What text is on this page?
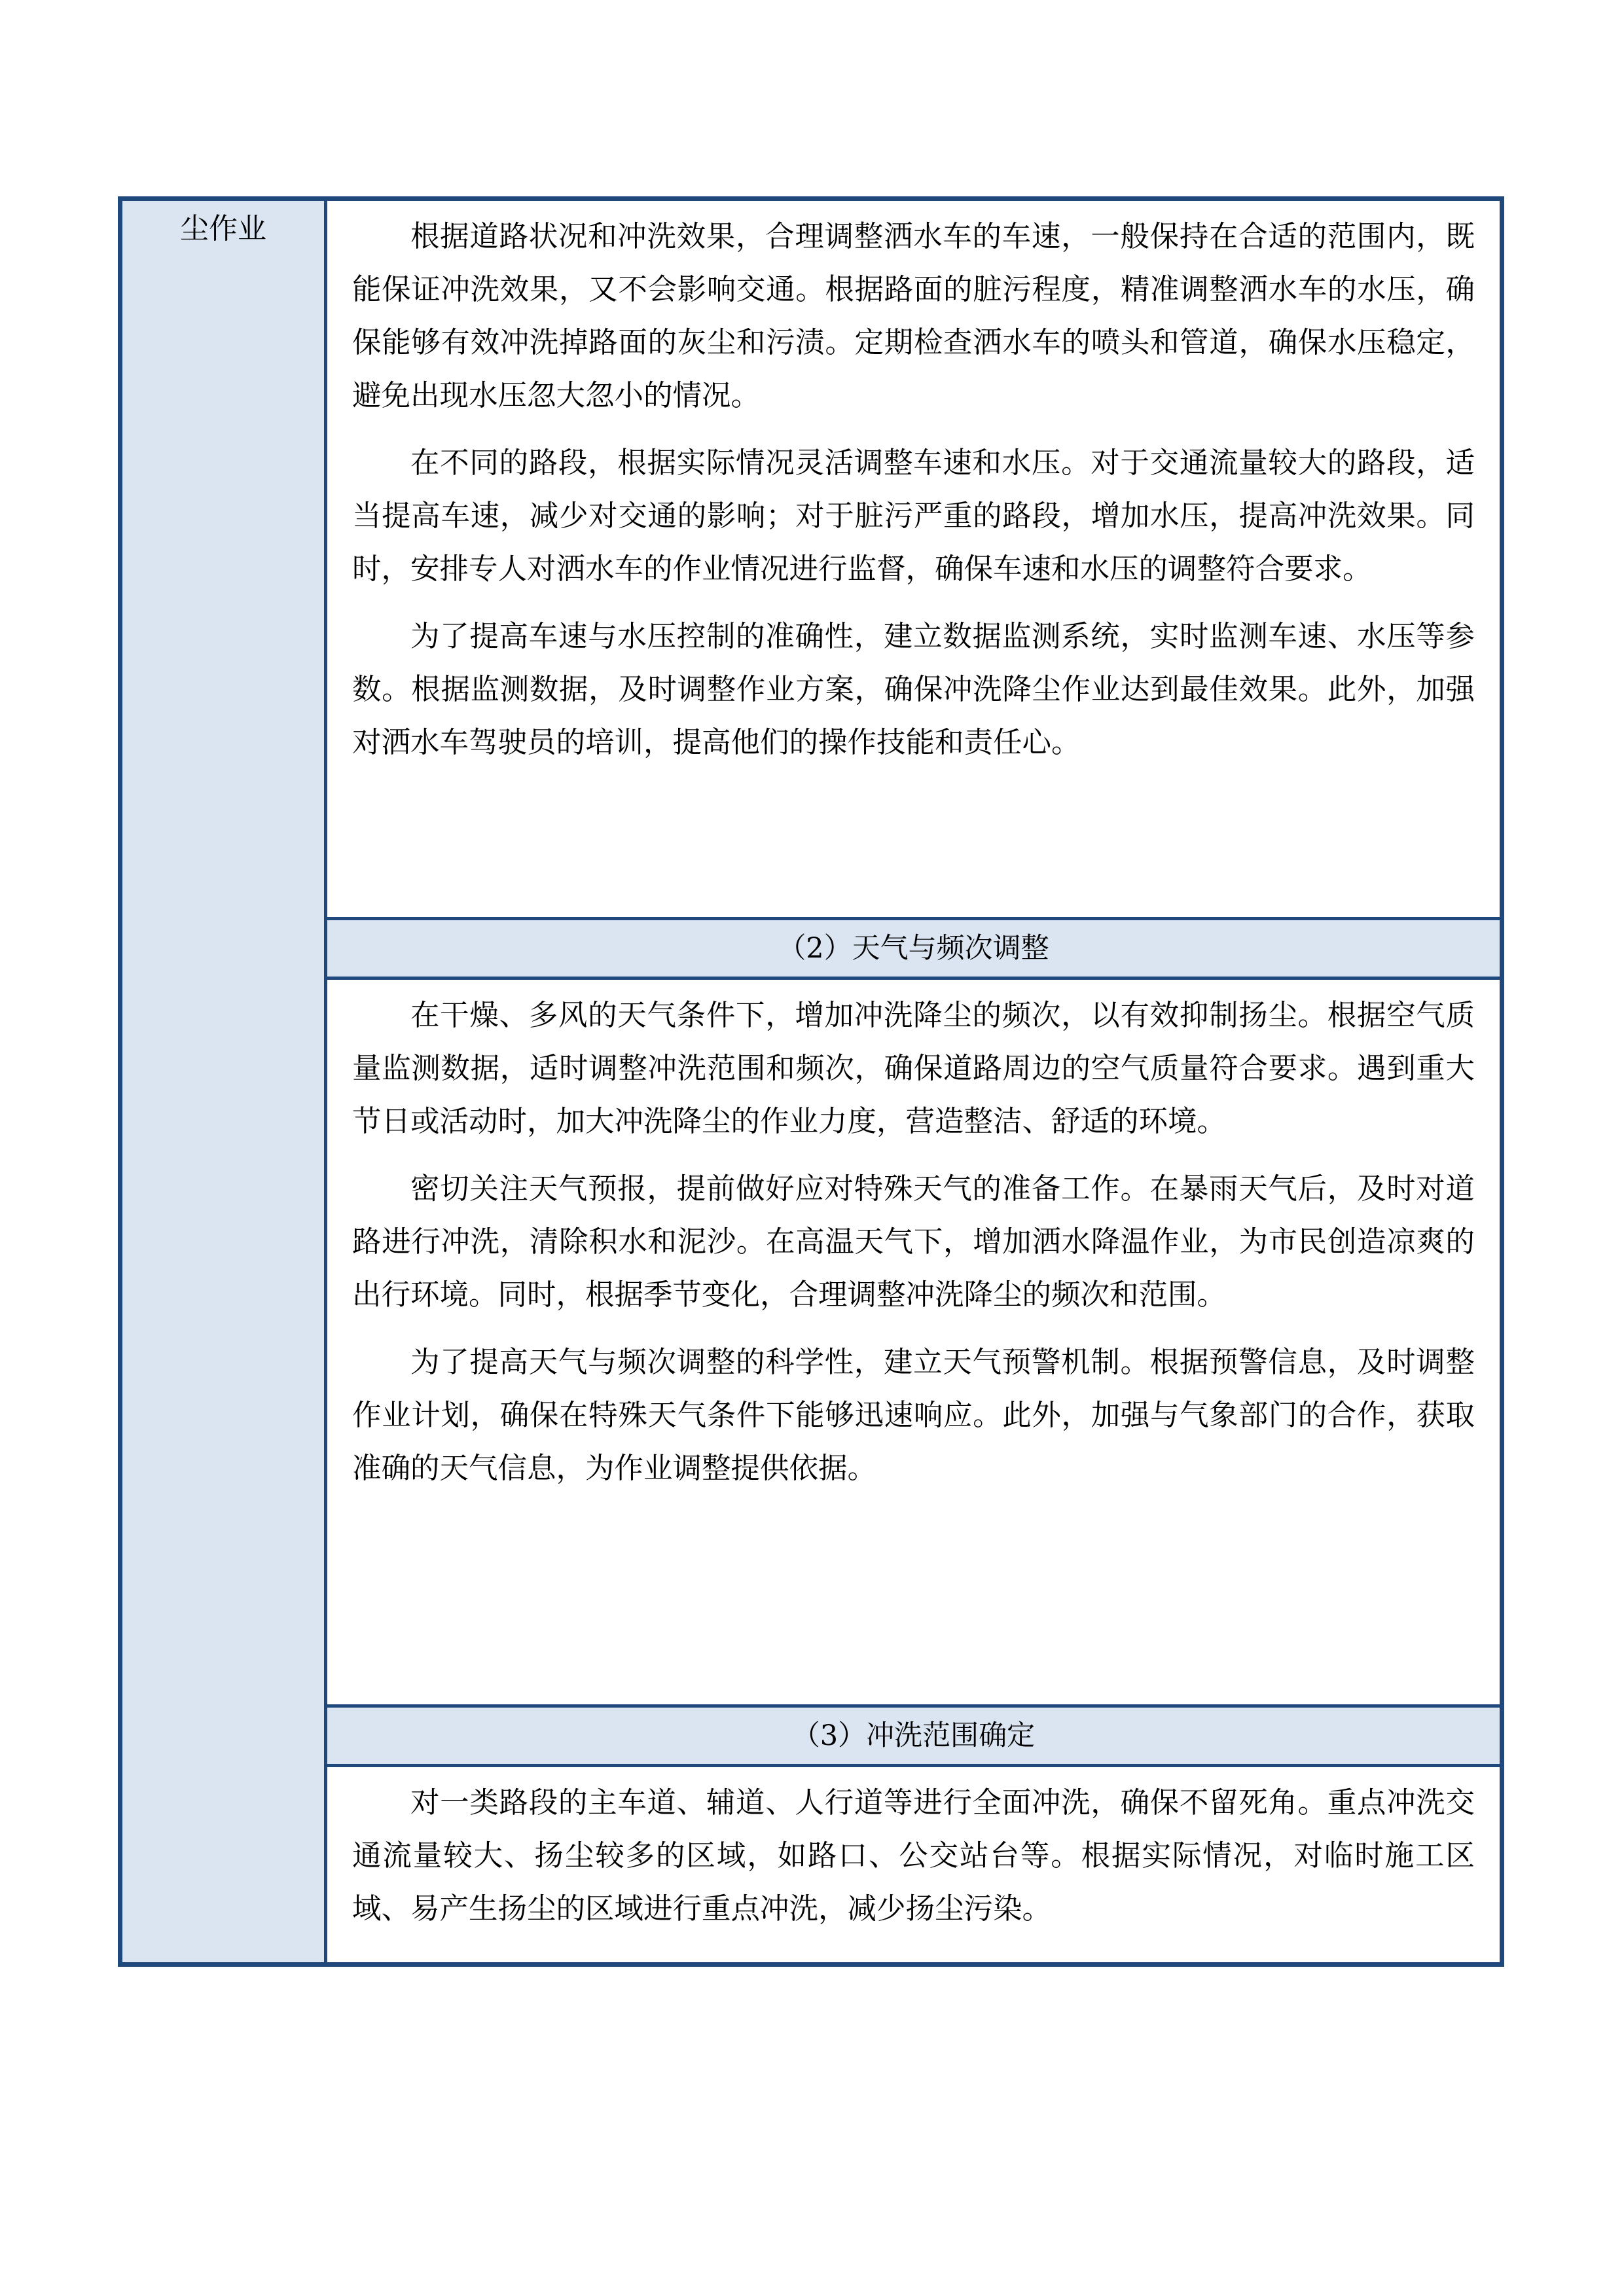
尘作业	根据道路状况和冲洗效果，合理调整洒水车的车速，一般保持在合适的范围内，既能保证冲洗效果，又不会影响交通。根据路面的脏污程度，精准调整洒水车的水压，确保能够有效冲洗掉路面的灰尘和污渍。定期检查洒水车的喷头和管道，确保水压稳定，避免出现水压忽大忽小的情况。

在不同的路段，根据实际情况灵活调整车速和水压。对于交通流量较大的路段，适当提高车速，减少对交通的影响；对于脏污严重的路段，增加水压，提高冲洗效果。同时，安排专人对洒水车的作业情况进行监督，确保车速和水压的调整符合要求。

为了提高车速与水压控制的准确性，建立数据监测系统，实时监测车速、水压等参数。根据监测数据，及时调整作业方案，确保冲洗降尘作业达到最佳效果。此外，加强对洒水车驾驶员的培训，提高他们的操作技能和责任心。

（2）天气与频次调整

在干燥、多风的天气条件下，增加冲洗降尘的频次，以有效抑制扬尘。根据空气质量监测数据，适时调整冲洗范围和频次，确保道路周边的空气质量符合要求。遇到重大节日或活动时，加大冲洗降尘的作业力度，营造整洁、舒适的环境。

密切关注天气预报，提前做好应对特殊天气的准备工作。在暴雨天气后，及时对道路进行冲洗，清除积水和泥沙。在高温天气下，增加洒水降温作业，为市民创造凉爽的出行环境。同时，根据季节变化，合理调整冲洗降尘的频次和范围。

为了提高天气与频次调整的科学性，建立天气预警机制。根据预警信息，及时调整作业计划，确保在特殊天气条件下能够迅速响应。此外，加强与气象部门的合作，获取准确的天气信息，为作业调整提供依据。

（3）冲洗范围确定

对一类路段的主车道、辅道、人行道等进行全面冲洗，确保不留死角。重点冲洗交通流量较大、扬尘较多的区域，如路口、公交站台等。根据实际情况，对临时施工区域、易产生扬尘的区域进行重点冲洗，减少扬尘污染。
